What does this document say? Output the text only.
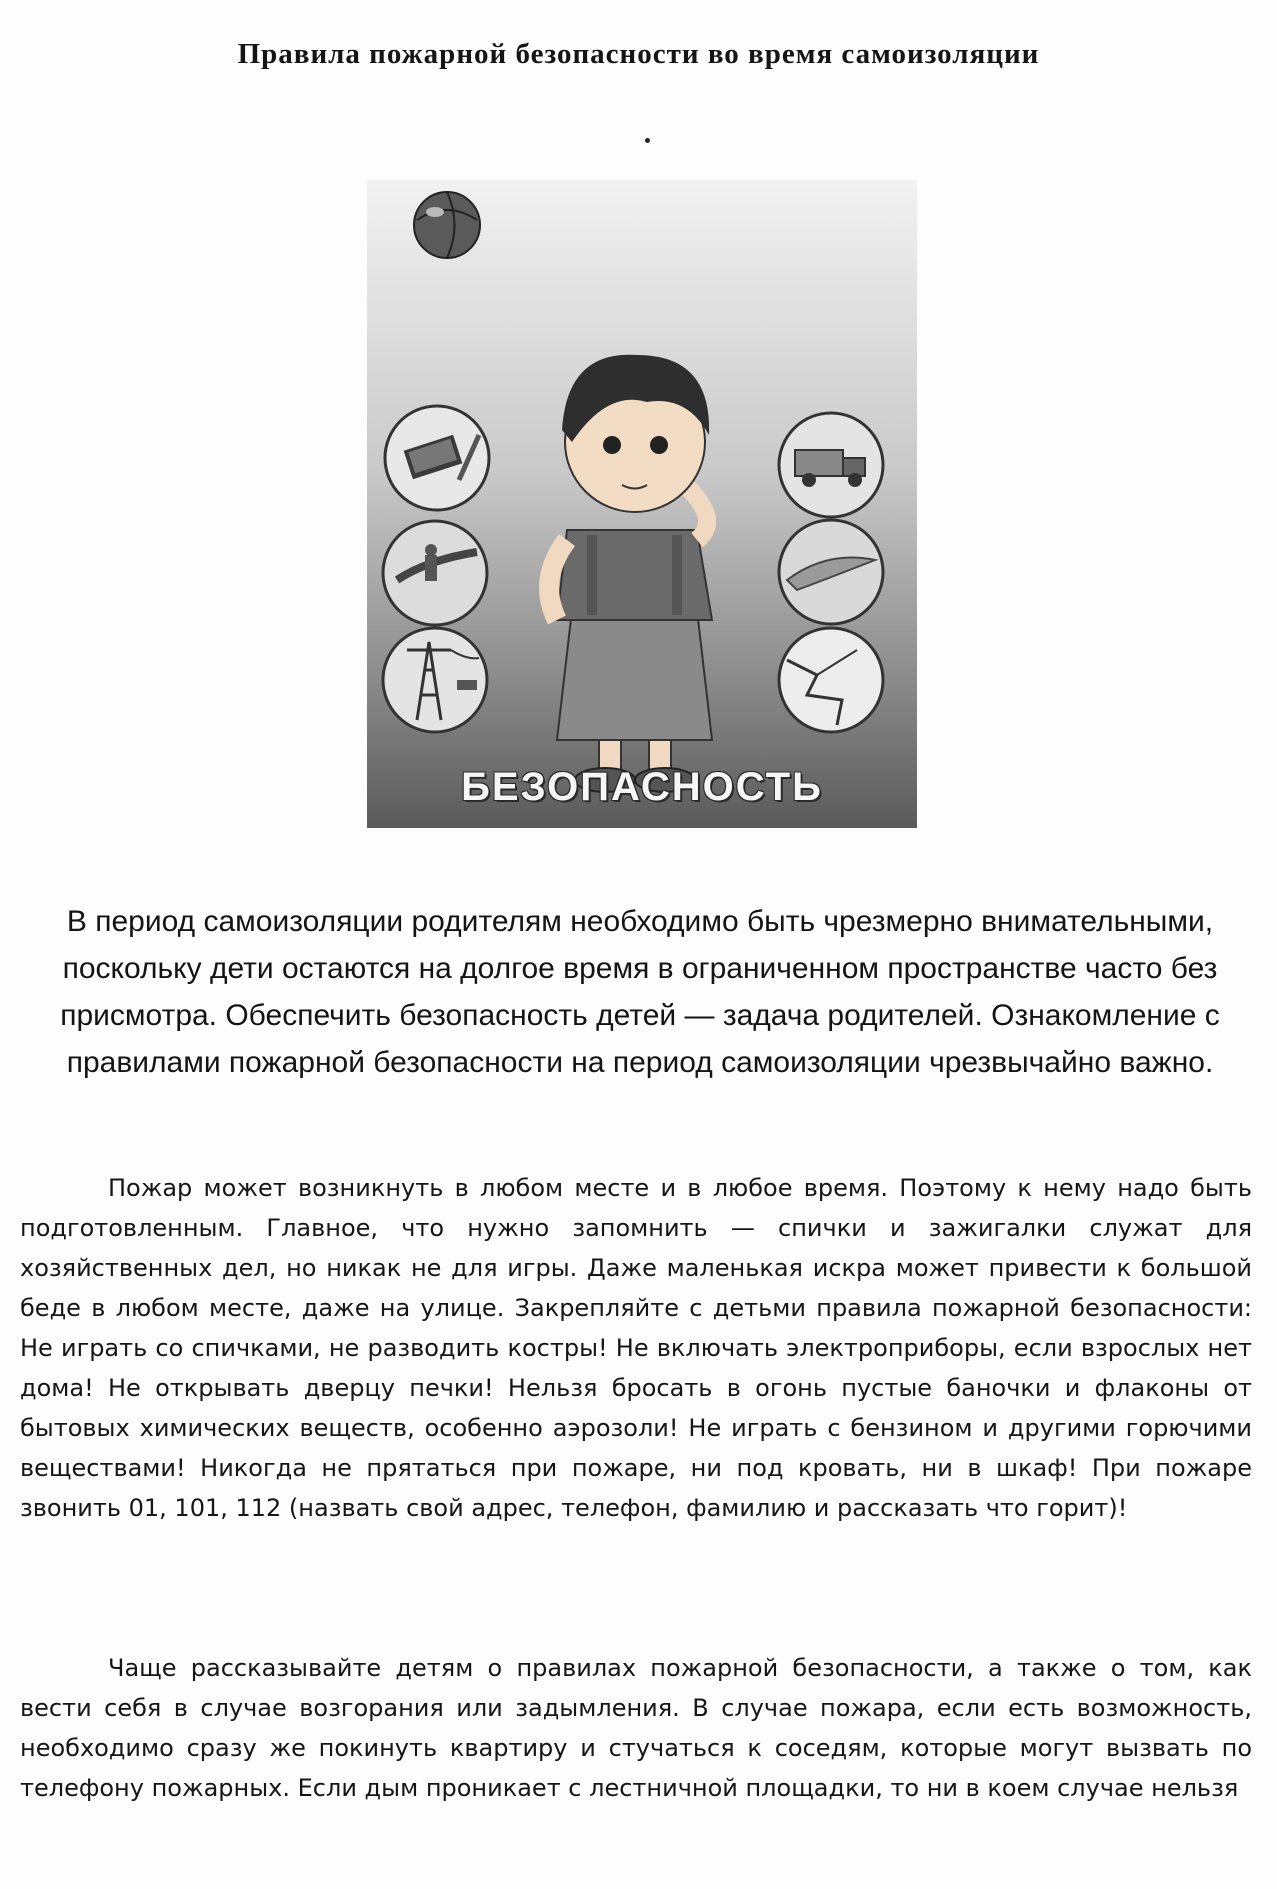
Правила пожарной безопасности во время самоизоляции
БЕЗОПАСНОСТЬ

В период самоизоляции родителям необходимо быть чрезмерно внимательными, поскольку дети остаются на долгое время в ограниченном пространстве часто без присмотра. Обеспечить безопасность детей — задача родителей. Ознакомление с правилами пожарной безопасности на период самоизоляции чрезвычайно важно.

Пожар может возникнуть в любом месте и в любое время. Поэтому к нему надо быть подготовленным. Главное, что нужно запомнить — спички и зажигалки служат для хозяйственных дел, но никак не для игры. Даже маленькая искра может привести к большой беде в любом месте, даже на улице. Закрепляйте с детьми правила пожарной безопасности: Не играть со спичками, не разводить костры! Не включать электроприборы, если взрослых нет дома! Не открывать дверцу печки! Нельзя бросать в огонь пустые баночки и флаконы от бытовых химических веществ, особенно аэрозоли! Не играть с бензином и другими горючими веществами! Никогда не прятаться при пожаре, ни под кровать, ни в шкаф! При пожаре звонить 01, 101, 112 (назвать свой адрес, телефон, фамилию и рассказать что горит)!

Чаще рассказывайте детям о правилах пожарной безопасности, а также о том, как вести себя в случае возгорания или задымления. В случае пожара, если есть возможность, необходимо сразу же покинуть квартиру и стучаться к соседям, которые могут вызвать по телефону пожарных. Если дым проникает с лестничной площадки, то ни в коем случае нельзя
